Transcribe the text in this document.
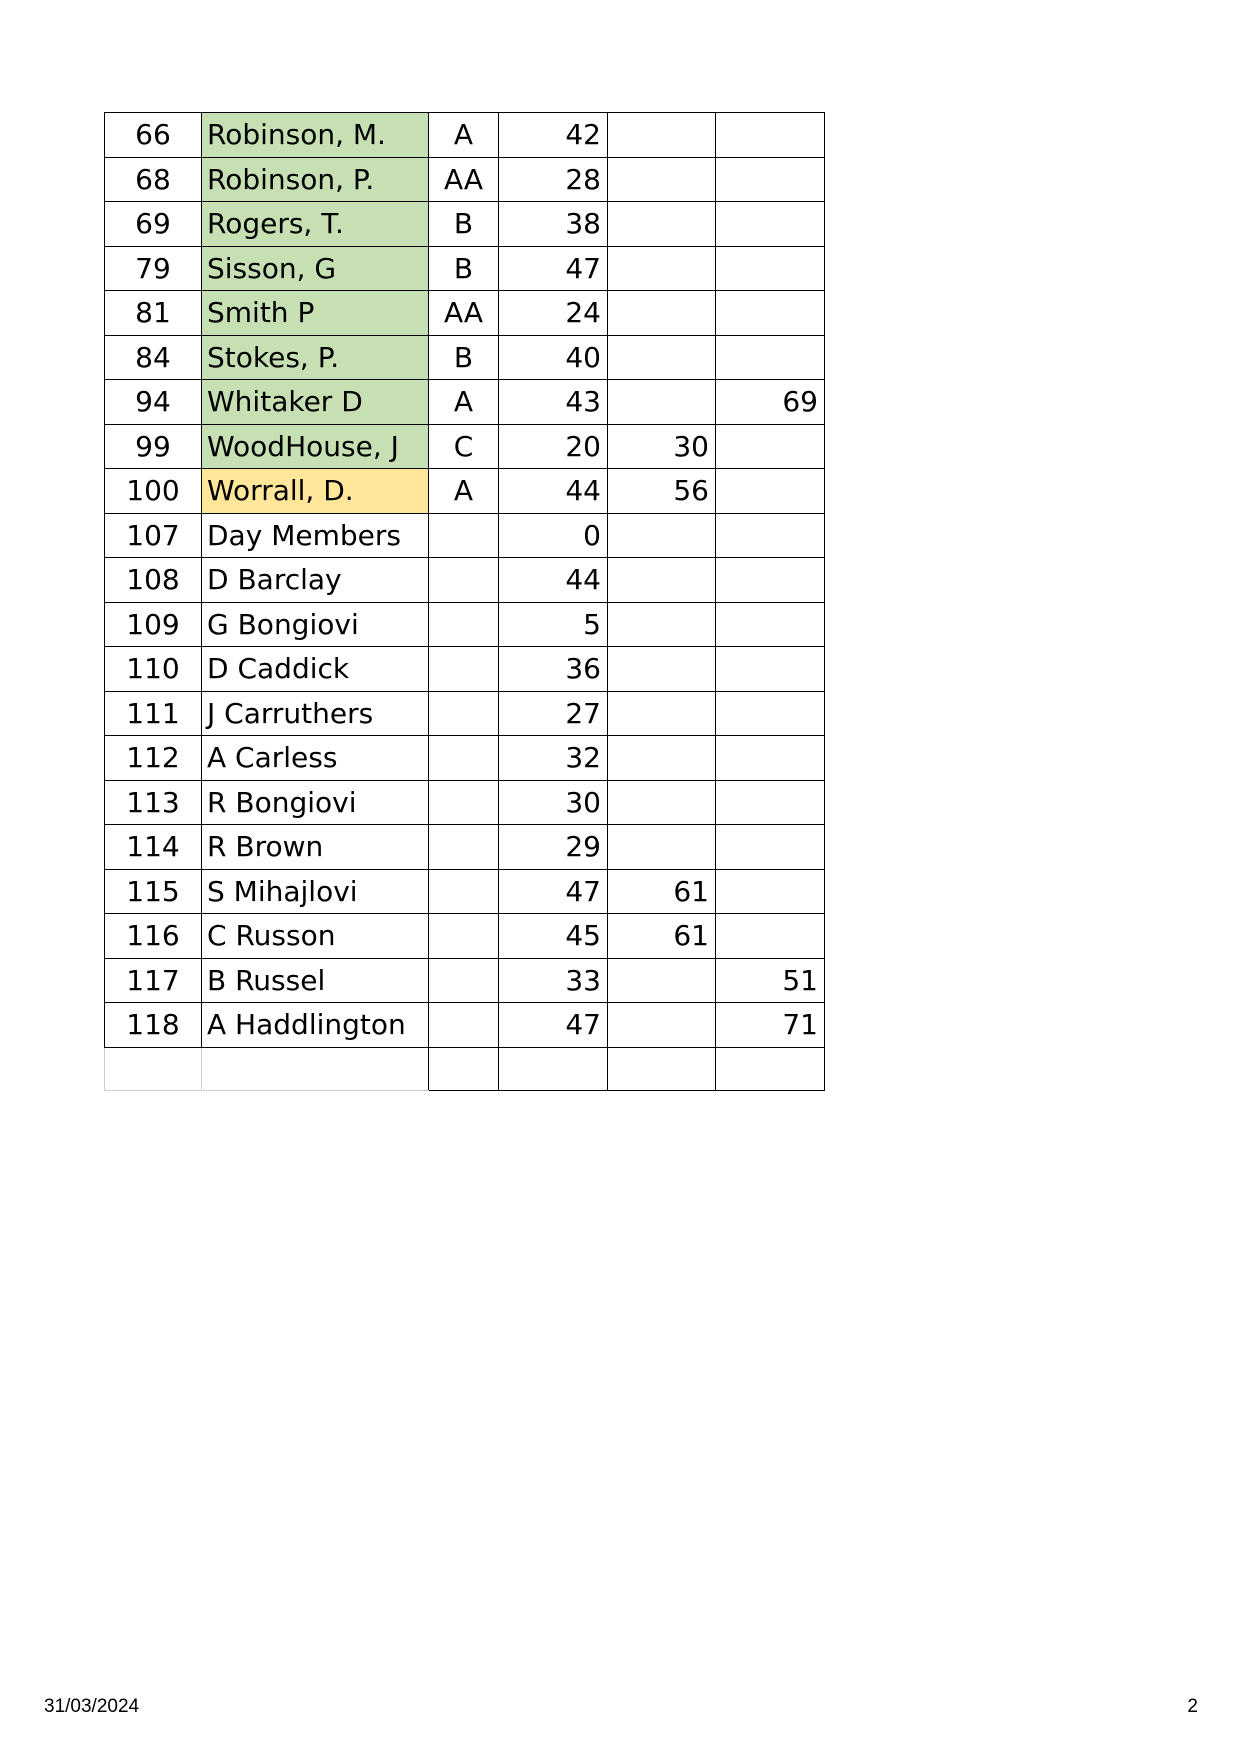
66	Robinson, M.	A	42		
68	Robinson, P.	AA	28		
69	Rogers, T.	B	38		
79	Sisson, G	B	47		
81	Smith P	AA	24		
84	Stokes, P.	B	40		
94	Whitaker D	A	43		69
99	WoodHouse, J	C	20	30	
100	Worrall, D.	A	44	56	
107	Day Members		0		
108	D Barclay		44		
109	G Bongiovi		5		
110	D Caddick		36		
111	J Carruthers		27		
112	A Carless		32		
113	R Bongiovi		30		
114	R Brown		29		
115	S Mihajlovi		47	61	
116	C Russon		45	61	
117	B Russel		33		51
118	A Haddlington		47		71

31/03/2024	2
